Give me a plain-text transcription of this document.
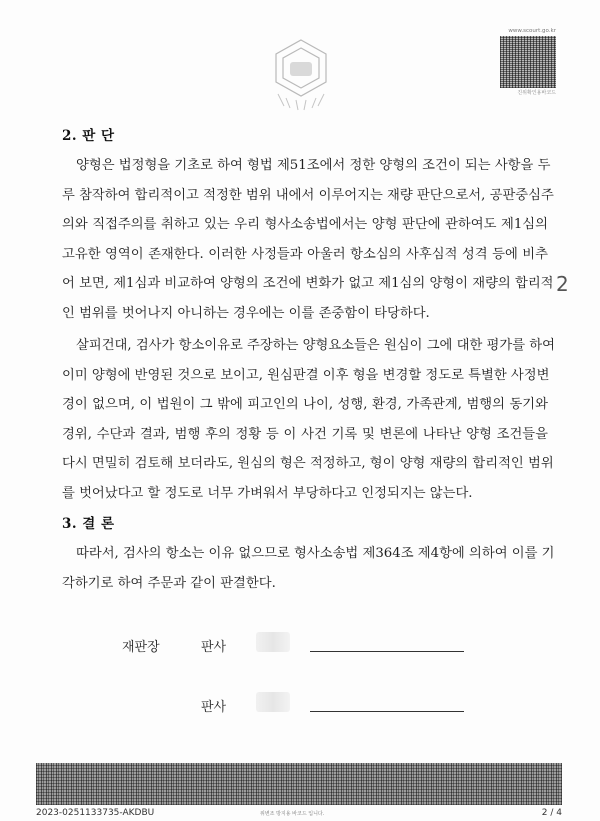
www.scourt.go.kr
진위확인용바코드
2
2. 판 단
양형은 법정형을 기초로 하여 형법 제51조에서 정한 양형의 조건이 되는 사항을 두
루 참작하여 합리적이고 적정한 범위 내에서 이루어지는 재량 판단으로서, 공판중심주
의와 직접주의를 취하고 있는 우리 형사소송법에서는 양형 판단에 관하여도 제1심의
고유한 영역이 존재한다. 이러한 사정들과 아울러 항소심의 사후심적 성격 등에 비추
어 보면, 제1심과 비교하여 양형의 조건에 변화가 없고 제1심의 양형이 재량의 합리적
인 범위를 벗어나지 아니하는 경우에는 이를 존중함이 타당하다.
살피건대, 검사가 항소이유로 주장하는 양형요소들은 원심이 그에 대한 평가를 하여
이미 양형에 반영된 것으로 보이고, 원심판결 이후 형을 변경할 정도로 특별한 사정변
경이 없으며, 이 법원이 그 밖에 피고인의 나이, 성행, 환경, 가족관계, 범행의 동기와
경위, 수단과 결과, 범행 후의 정황 등 이 사건 기록 및 변론에 나타난 양형 조건들을
다시 면밀히 검토해 보더라도, 원심의 형은 적정하고, 형이 양형 재량의 합리적인 범위
를 벗어났다고 할 정도로 너무 가벼워서 부당하다고 인정되지는 않는다.
3. 결 론
따라서, 검사의 항소는 이유 없으므로 형사소송법 제364조 제4항에 의하여 이를 기
각하기로 하여 주문과 같이 판결한다.
재판장	판사
판사
2023-0251133735-AKDBU	위변조 방지용 바코드 입니다.	2 / 4
